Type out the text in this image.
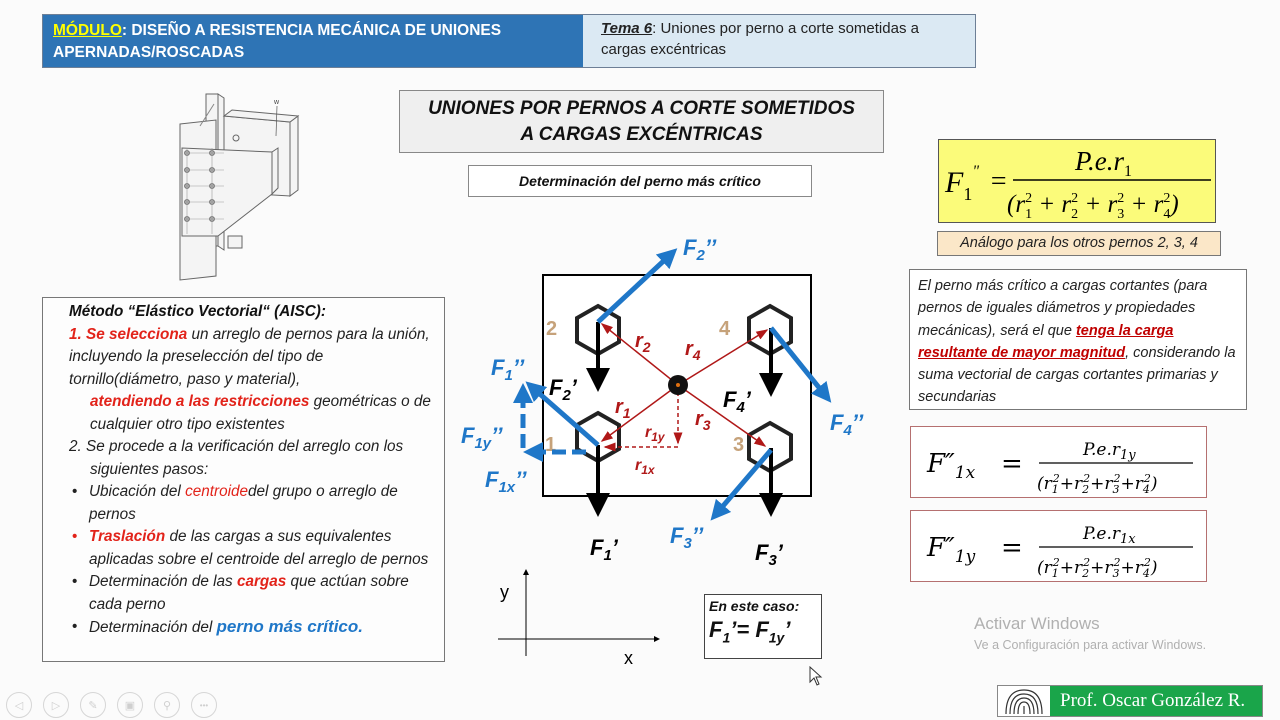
MÓDULO: DISEÑO A RESISTENCIA MECÁNICA DE UNIONES APERNADAS/ROSCADAS
Tema 6: Uniones por perno a corte sometidas a cargas excéntricas
w	UNIONES POR PERNOS A CORTE SOMETIDOS
A CARGAS EXCÉNTRICAS
Determinación del perno más crítico
Método “Elástico Vectorial“ (AISC):
1. Se selecciona un arreglo de pernos para la unión, incluyendo la preselección del tipo de tornillo(diámetro, paso y material),
atendiendo a las restricciones geométricas o de cualquier otro tipo existentes
2. Se procede a la verificación del arreglo con los siguientes pasos:
• Ubicación del centroidedel grupo o arreglo de pernos
• Traslación de las cargas a sus equivalentes aplicadas sobre el centroide del arreglo de pernos
• Determinación de las cargas que actúan sobre cada perno
• Determinación del perno más crítico.
2	4
1	3
$r_2$ $r_4$
$r_1$	$r_3$
$r_{1y}$
$r_{1x}$
$F_2$’	$F_4$’
$F_1$’	$F_3$’
$F_2$’’
$F_1$’’
$F_4$’’
$F_{1y}$’’
$F_{1x}$’’
$F_3$’’
y
x
$F_1^"$ =
$P.e.r_1$
$(r_12 + r_22 + r_32 + r_42)$
Análogo para los otros pernos 2, 3, 4
El perno más crítico a cargas cortantes (para pernos de iguales diámetros y propiedades mecánicas), será el que tenga la carga resultante de mayor magnitud, considerando la suma vectorial de cargas cortantes primarias y secundarias
$F''_{1x}$ =	$P.e.r_{1y}$
$(r_12+r_22+r_32+r_42)$
$F''_{1y}$ =	$P.e.r_{1x}$
$(r_12+r_22+r_32+r_42)$
En este caso:
$F_1’= F_{1y}$’	Activar Windows
Ve a Configuración para activar Windows.
Prof. Oscar González R.
◁	▷	✎ ▣	⚲	•••
